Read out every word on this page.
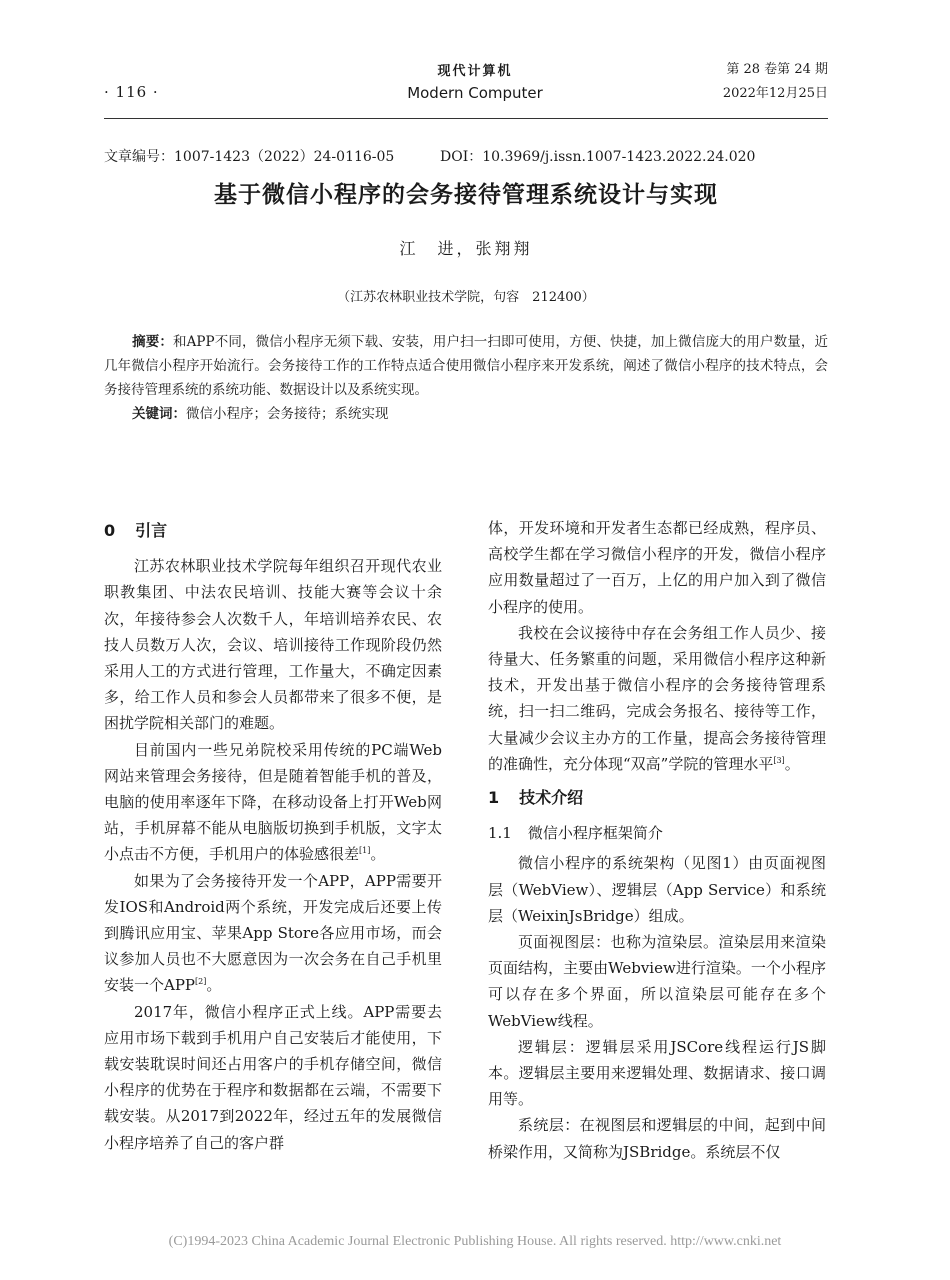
· 116 ·
现代计算机
Modern Computer
第 28 卷第 24 期
2022年12月25日
文章编号：1007-1423（2022）24-0116-05	DOI：10.3969/j.issn.1007-1423.2022.24.020
基于微信小程序的会务接待管理系统设计与实现
江　进，张翔翔
（江苏农林职业技术学院，句容　212400）
摘要：和APP不同，微信小程序无须下载、安装，用户扫一扫即可使用，方便、快捷，加上微信庞大的用户数量，近几年微信小程序开始流行。会务接待工作的工作特点适合使用微信小程序来开发系统，阐述了微信小程序的技术特点，会务接待管理系统的系统功能、数据设计以及系统实现。
关键词：微信小程序；会务接待；系统实现
0 引言

江苏农林职业技术学院每年组织召开现代农业职教集团、中法农民培训、技能大赛等会议十余次，年接待参会人次数千人，年培训培养农民、农技人员数万人次，会议、培训接待工作现阶段仍然采用人工的方式进行管理，工作量大，不确定因素多，给工作人员和参会人员都带来了很多不便，是困扰学院相关部门的难题。

目前国内一些兄弟院校采用传统的PC端Web网站来管理会务接待，但是随着智能手机的普及，电脑的使用率逐年下降，在移动设备上打开Web网站，手机屏幕不能从电脑版切换到手机版，文字太小点击不方便，手机用户的体验感很差[1]。

如果为了会务接待开发一个APP，APP需要开发IOS和Android两个系统，开发完成后还要上传到腾讯应用宝、苹果App Store各应用市场，而会议参加人员也不大愿意因为一次会务在自己手机里安装一个APP[2]。

2017年，微信小程序正式上线。APP需要去应用市场下载到手机用户自己安装后才能使用，下载安装耽误时间还占用客户的手机存储空间，微信小程序的优势在于程序和数据都在云端，不需要下载安装。从2017到2022年，经过五年的发展微信小程序培养了自己的客户群

体，开发环境和开发者生态都已经成熟，程序员、高校学生都在学习微信小程序的开发，微信小程序应用数量超过了一百万，上亿的用户加入到了微信小程序的使用。

我校在会议接待中存在会务组工作人员少、接待量大、任务繁重的问题，采用微信小程序这种新技术，开发出基于微信小程序的会务接待管理系统，扫一扫二维码，完成会务报名、接待等工作，大量减少会议主办方的工作量，提高会务接待管理的准确性，充分体现“双高”学院的管理水平[3]。

1 技术介绍
1.1 微信小程序框架简介

微信小程序的系统架构（见图1）由页面视图层（WebView）、逻辑层（App Service）和系统层（WeixinJsBridge）组成。

页面视图层：也称为渲染层。渲染层用来渲染页面结构，主要由Webview进行渲染。一个小程序可以存在多个界面，所以渲染层可能存在多个WebView线程。

逻辑层：逻辑层采用JSCore线程运行JS脚本。逻辑层主要用来逻辑处理、数据请求、接口调用等。

系统层：在视图层和逻辑层的中间，起到中间桥梁作用，又简称为JSBridge。系统层不仅

(C)1994-2023 China Academic Journal Electronic Publishing House. All rights reserved. http://www.cnki.net
